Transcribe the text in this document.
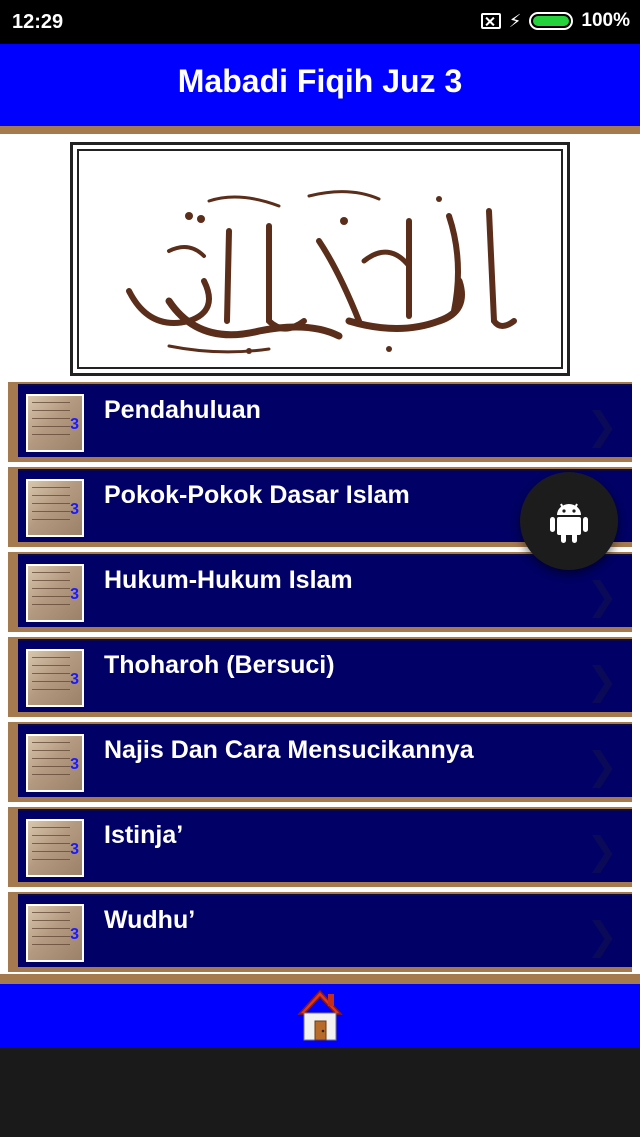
12:29	⚡	100%
Mabadi Fiqih Juz 3
3
Pendahuluan	❯
3
Pokok-Pokok Dasar Islam
3
Hukum-Hukum Islam	❯
3
Thoharoh (Bersuci)	❯
3
Najis Dan Cara Mensucikannya	❯
3
Istinja’	❯
3
Wudhu’	❯
